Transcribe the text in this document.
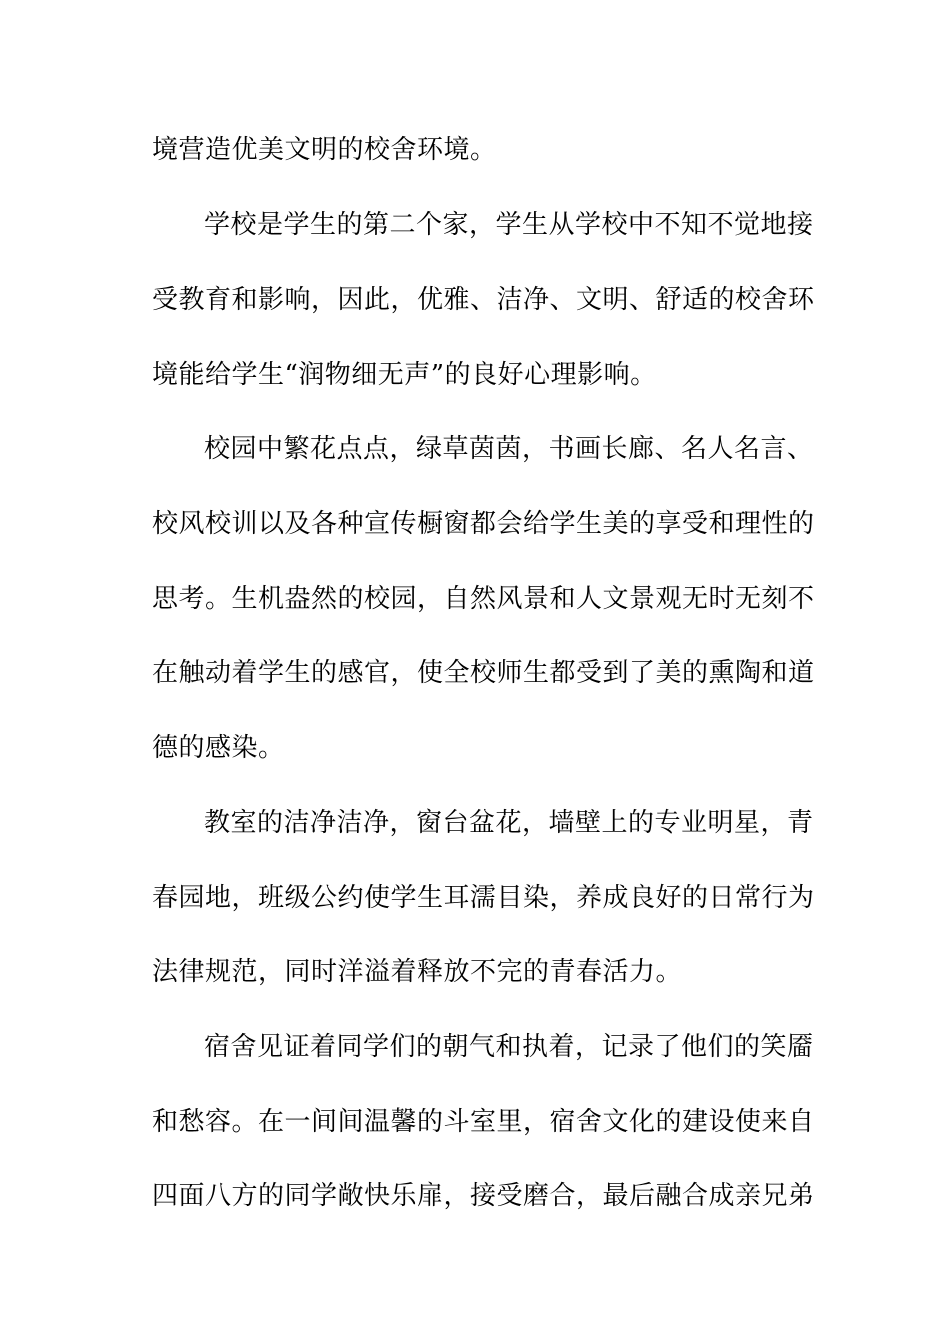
境营造优美文明的校舍环境。
学校是学生的第二个家，学生从学校中不知不觉地接
受教育和影响，因此，优雅、洁净、文明、舒适的校舍环
境能给学生“润物细无声”的良好心理影响。
校园中繁花点点，绿草茵茵，书画长廊、名人名言、
校风校训以及各种宣传橱窗都会给学生美的享受和理性的
思考。生机盎然的校园，自然风景和人文景观无时无刻不
在触动着学生的感官，使全校师生都受到了美的熏陶和道
德的感染。
教室的洁净洁净，窗台盆花，墙壁上的专业明星，青
春园地，班级公约使学生耳濡目染，养成良好的日常行为
法律规范，同时洋溢着释放不完的青春活力。
宿舍见证着同学们的朝气和执着，记录了他们的笑靥
和愁容。在一间间温馨的斗室里，宿舍文化的建设使来自
四面八方的同学敞快乐扉，接受磨合，最后融合成亲兄弟
